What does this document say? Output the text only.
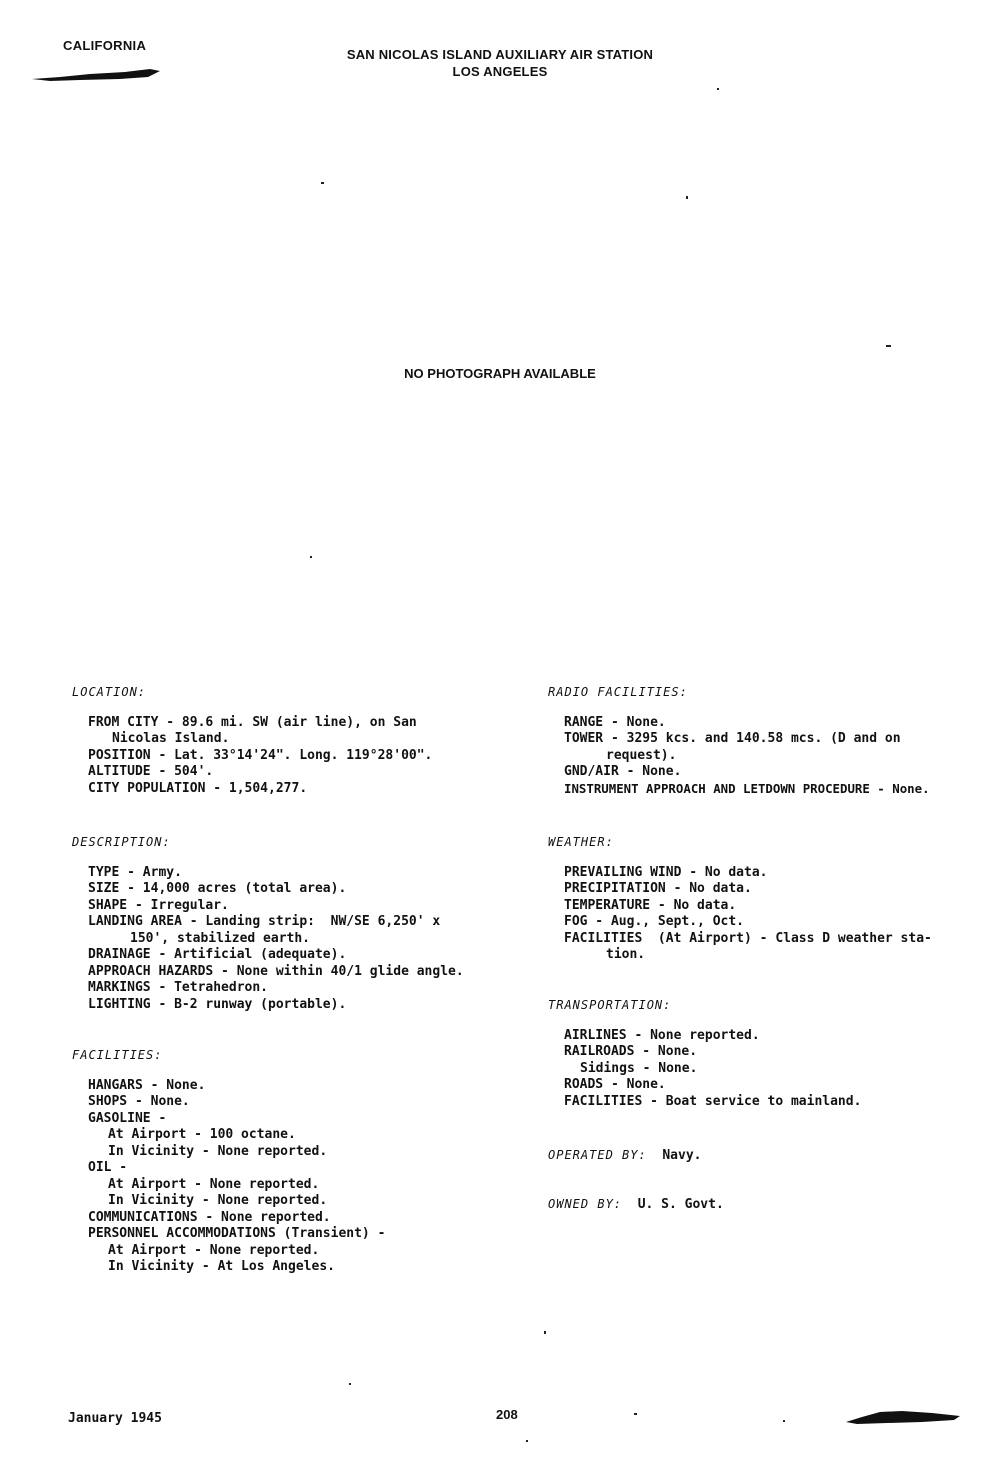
CALIFORNIA
SAN NICOLAS ISLAND AUXILIARY AIR STATION
LOS ANGELES
NO PHOTOGRAPH AVAILABLE
LOCATION:
FROM CITY - 89.6 mi. SW (air line), on San
Nicolas Island.
POSITION - Lat. 33°14'24". Long. 119°28'00".
ALTITUDE - 504'.
CITY POPULATION - 1,504,277.
DESCRIPTION:
TYPE - Army.
SIZE - 14,000 acres (total area).
SHAPE - Irregular.
LANDING AREA - Landing strip:  NW/SE 6,250' x
150', stabilized earth.
DRAINAGE - Artificial (adequate).
APPROACH HAZARDS - None within 40/1 glide angle.
MARKINGS - Tetrahedron.
LIGHTING - B-2 runway (portable).
FACILITIES:
HANGARS - None.
SHOPS - None.
GASOLINE -
At Airport - 100 octane.
In Vicinity - None reported.
OIL -
At Airport - None reported.
In Vicinity - None reported.
COMMUNICATIONS - None reported.
PERSONNEL ACCOMMODATIONS (Transient) -
At Airport - None reported.
In Vicinity - At Los Angeles.
RADIO FACILITIES:
RANGE - None.
TOWER - 3295 kcs. and 140.58 mcs. (D and on
request).
GND/AIR - None.
INSTRUMENT APPROACH AND LETDOWN PROCEDURE - None.
WEATHER:
PREVAILING WIND - No data.
PRECIPITATION - No data.
TEMPERATURE - No data.
FOG - Aug., Sept., Oct.
FACILITIES  (At Airport) - Class D weather sta-
tion.
TRANSPORTATION:
AIRLINES - None reported.
RAILROADS - None.
Sidings - None.
ROADS - None.
FACILITIES - Boat service to mainland.
OPERATED BY: Navy.
OWNED BY: U. S. Govt.
January 1945	208
